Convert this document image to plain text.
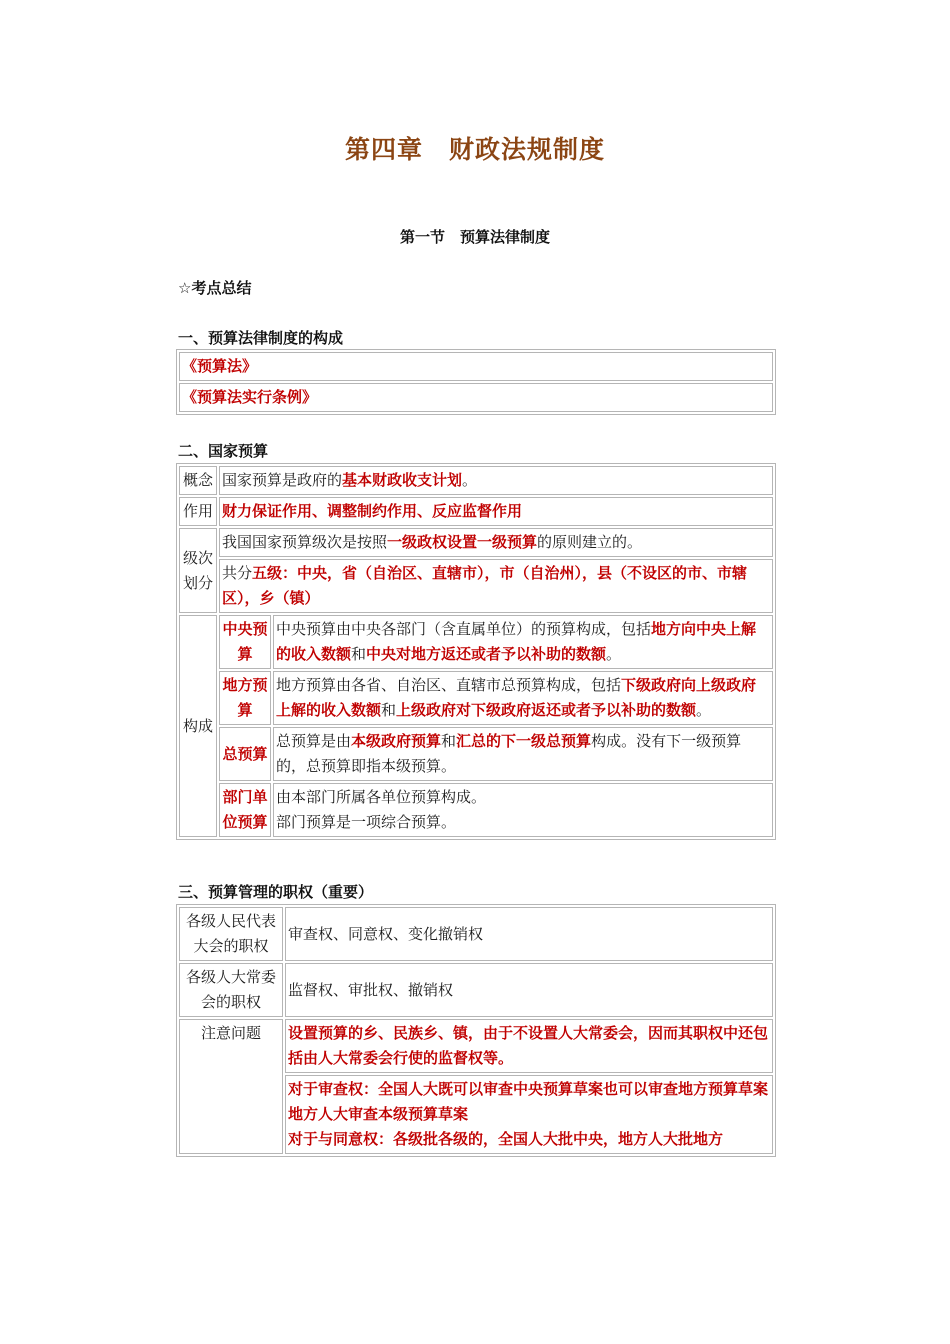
第四章　财政法规制度
第一节　预算法律制度
☆考点总结
一、预算法律制度的构成
《预算法》
《预算法实行条例》
二、国家预算
概念	国家预算是政府的基本财政收支计划。	
作用	财力保证作用、调整制约作用、反应监督作用	
级次划分	我国国家预算级次是按照一级政权设置一级预算的原则建立的。	
	共分五级：中央，省（自治区、直辖市），市（自治州），县（不设区的市、市辖区），乡（镇）	
构成	中央预算	中央预算由中央各部门（含直属单位）的预算构成，包括地方向中央上解的收入数额和中央对地方返还或者予以补助的数额。
	地方预算	地方预算由各省、自治区、直辖市总预算构成，包括下级政府向上级政府上解的收入数额和上级政府对下级政府返还或者予以补助的数额。
	总预算	总预算是由本级政府预算和汇总的下一级总预算构成。没有下一级预算的，总预算即指本级预算。
	部门单位预算	由本部门所属各单位预算构成。
部门预算是一项综合预算。
三、预算管理的职权（重要）
各级人民代表大会的职权	审查权、同意权、变化撤销权
各级人大常委会的职权	监督权、审批权、撤销权
注意问题	设置预算的乡、民族乡、镇，由于不设置人大常委会，因而其职权中还包括由人大常委会行使的监督权等。

	对于审查权：全国人大既可以审查中央预算草案也可以审查地方预算草案
地方人大审查本级预算草案
对于与同意权：各级批各级的，全国人大批中央，地方人大批地方
